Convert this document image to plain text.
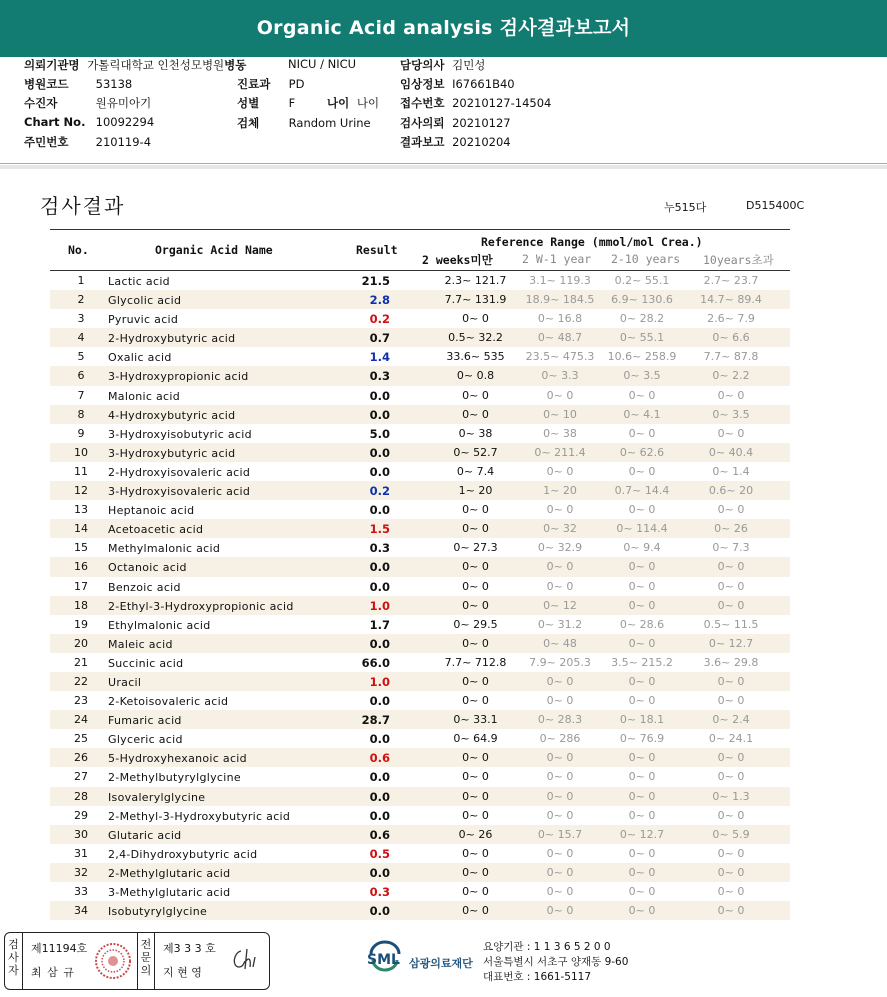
Organic Acid analysis 검사결과보고서
의뢰기관명 가톨릭대학교 인천성모병원병동	NICU / NICU	담당의사 김민성
병원코드 53138	진료과 PD	임상정보 I67661B40
수진자	원유미아기	성별	F	나이 나이 접수번호 20210127-14504
Chart No. 10092294	검체	Random Urine	검사의뢰 20210127
주민번호 210119-4	결과보고 20210204
검사결과	누515다	D515400C
No.	Organic Acid Name	Result
Reference Range (mmol/mol Crea.)
2 weeks미만	2 W-1 year 2-10 years 10years초과
1	Lactic acid	21.5	2.3~ 121.7	3.1~ 119.3	0.2~ 55.1	2.7~ 23.7
2	Glycolic acid	2.8	7.7~ 131.9	18.9~ 184.5	6.9~ 130.6	14.7~ 89.4
3	Pyruvic acid	0.2	0~ 0	0~ 16.8	0~ 28.2	2.6~ 7.9
4	2-Hydroxybutyric acid	0.7	0.5~ 32.2	0~ 48.7	0~ 55.1	0~ 6.6
5	Oxalic acid	1.4	33.6~ 535	23.5~ 475.3	10.6~ 258.9	7.7~ 87.8
6	3-Hydroxypropionic acid	0.3	0~ 0.8	0~ 3.3	0~ 3.5	0~ 2.2
7	Malonic acid	0.0	0~ 0	0~ 0	0~ 0	0~ 0
8	4-Hydroxybutyric acid	0.0	0~ 0	0~ 10	0~ 4.1	0~ 3.5
9	3-Hydroxyisobutyric acid	5.0	0~ 38	0~ 38	0~ 0	0~ 0
10	3-Hydroxybutyric acid	0.0	0~ 52.7	0~ 211.4	0~ 62.6	0~ 40.4
11	2-Hydroxyisovaleric acid	0.0	0~ 7.4	0~ 0	0~ 0	0~ 1.4
12	3-Hydroxyisovaleric acid	0.2	1~ 20	1~ 20	0.7~ 14.4	0.6~ 20
13	Heptanoic acid	0.0	0~ 0	0~ 0	0~ 0	0~ 0
14	Acetoacetic acid	1.5	0~ 0	0~ 32	0~ 114.4	0~ 26
15	Methylmalonic acid	0.3	0~ 27.3	0~ 32.9	0~ 9.4	0~ 7.3
16	Octanoic acid	0.0	0~ 0	0~ 0	0~ 0	0~ 0
17	Benzoic acid	0.0	0~ 0	0~ 0	0~ 0	0~ 0
18	2-Ethyl-3-Hydroxypropionic acid	1.0	0~ 0	0~ 12	0~ 0	0~ 0
19	Ethylmalonic acid	1.7	0~ 29.5	0~ 31.2	0~ 28.6	0.5~ 11.5
20	Maleic acid	0.0	0~ 0	0~ 48	0~ 0	0~ 12.7
21	Succinic acid	66.0	7.7~ 712.8	7.9~ 205.3	3.5~ 215.2	3.6~ 29.8
22	Uracil	1.0	0~ 0	0~ 0	0~ 0	0~ 0
23	2-Ketoisovaleric acid	0.0	0~ 0	0~ 0	0~ 0	0~ 0
24	Fumaric acid	28.7	0~ 33.1	0~ 28.3	0~ 18.1	0~ 2.4
25	Glyceric acid	0.0	0~ 64.9	0~ 286	0~ 76.9	0~ 24.1
26	5-Hydroxyhexanoic acid	0.6	0~ 0	0~ 0	0~ 0	0~ 0
27	2-Methylbutyrylglycine	0.0	0~ 0	0~ 0	0~ 0	0~ 0
28	Isovalerylglycine	0.0	0~ 0	0~ 0	0~ 0	0~ 1.3
29	2-Methyl-3-Hydroxybutyric acid	0.0	0~ 0	0~ 0	0~ 0	0~ 0
30	Glutaric acid	0.6	0~ 26	0~ 15.7	0~ 12.7	0~ 5.9
31	2,4-Dihydroxybutyric acid	0.5	0~ 0	0~ 0	0~ 0	0~ 0
32	2-Methylglutaric acid	0.0	0~ 0	0~ 0	0~ 0	0~ 0
33	3-Methylglutaric acid	0.3	0~ 0	0~ 0	0~ 0	0~ 0
34	Isobutyrylglycine	0.0	0~ 0	0~ 0	0~ 0	0~ 0
검사자
제11194호
최 삼 규
전문의
제3 3 3 호
지 현 영
SML 삼광의료재단
요양기관 : 1 1 3 6 5 2 0 0
서울특별시 서초구 양재동 9-60
대표번호 : 1661-5117
